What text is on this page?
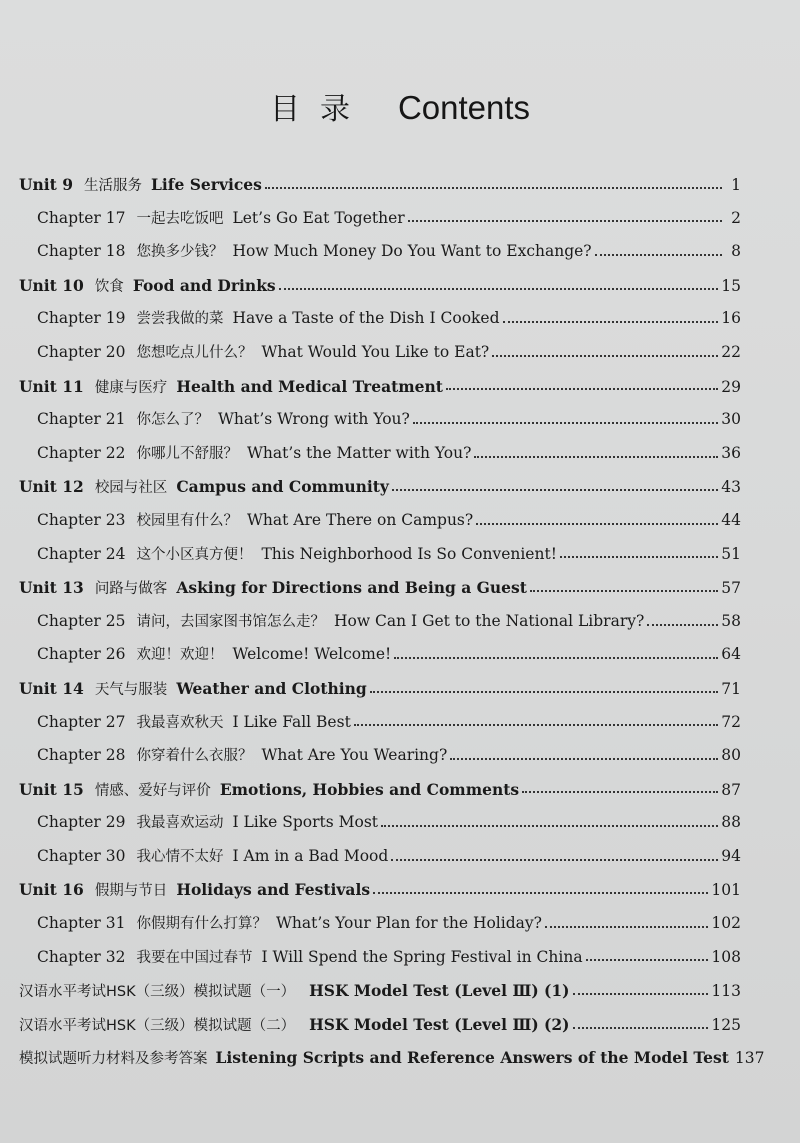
目录 Contents
Unit 9 生活服务 Life Services	1
Chapter 17 一起去吃饭吧 Let’s Go Eat Together	2
Chapter 18 您换多少钱？ How Much Money Do You Want to Exchange?	8
Unit 10 饮食 Food and Drinks	15
Chapter 19 尝尝我做的菜 Have a Taste of the Dish I Cooked	16
Chapter 20 您想吃点儿什么？ What Would You Like to Eat?	22
Unit 11 健康与医疗 Health and Medical Treatment	29
Chapter 21 你怎么了？ What’s Wrong with You?	30
Chapter 22 你哪儿不舒服？ What’s the Matter with You?	36
Unit 12 校园与社区 Campus and Community	43
Chapter 23 校园里有什么？ What Are There on Campus?	44
Chapter 24 这个小区真方便！ This Neighborhood Is So Convenient!	51
Unit 13 问路与做客 Asking for Directions and Being a Guest	57
Chapter 25 请问，去国家图书馆怎么走？ How Can I Get to the National Library?	58
Chapter 26 欢迎！欢迎！ Welcome! Welcome!	64
Unit 14 天气与服装 Weather and Clothing	71
Chapter 27 我最喜欢秋天 I Like Fall Best	72
Chapter 28 你穿着什么衣服？ What Are You Wearing?	80
Unit 15 情感、爱好与评价 Emotions, Hobbies and Comments	87
Chapter 29 我最喜欢运动 I Like Sports Most	88
Chapter 30 我心情不太好 I Am in a Bad Mood	94
Unit 16 假期与节日 Holidays and Festivals	101
Chapter 31 你假期有什么打算？ What’s Your Plan for the Holiday?	102
Chapter 32 我要在中国过春节 I Will Spend the Spring Festival in China	108
汉语水平考试HSK（三级）模拟试题（一） HSK Model Test (Level Ⅲ) (1)	113
汉语水平考试HSK（三级）模拟试题（二） HSK Model Test (Level Ⅲ) (2)	125
模拟试题听力材料及参考答案 Listening Scripts and Reference Answers of the Model Test 137
